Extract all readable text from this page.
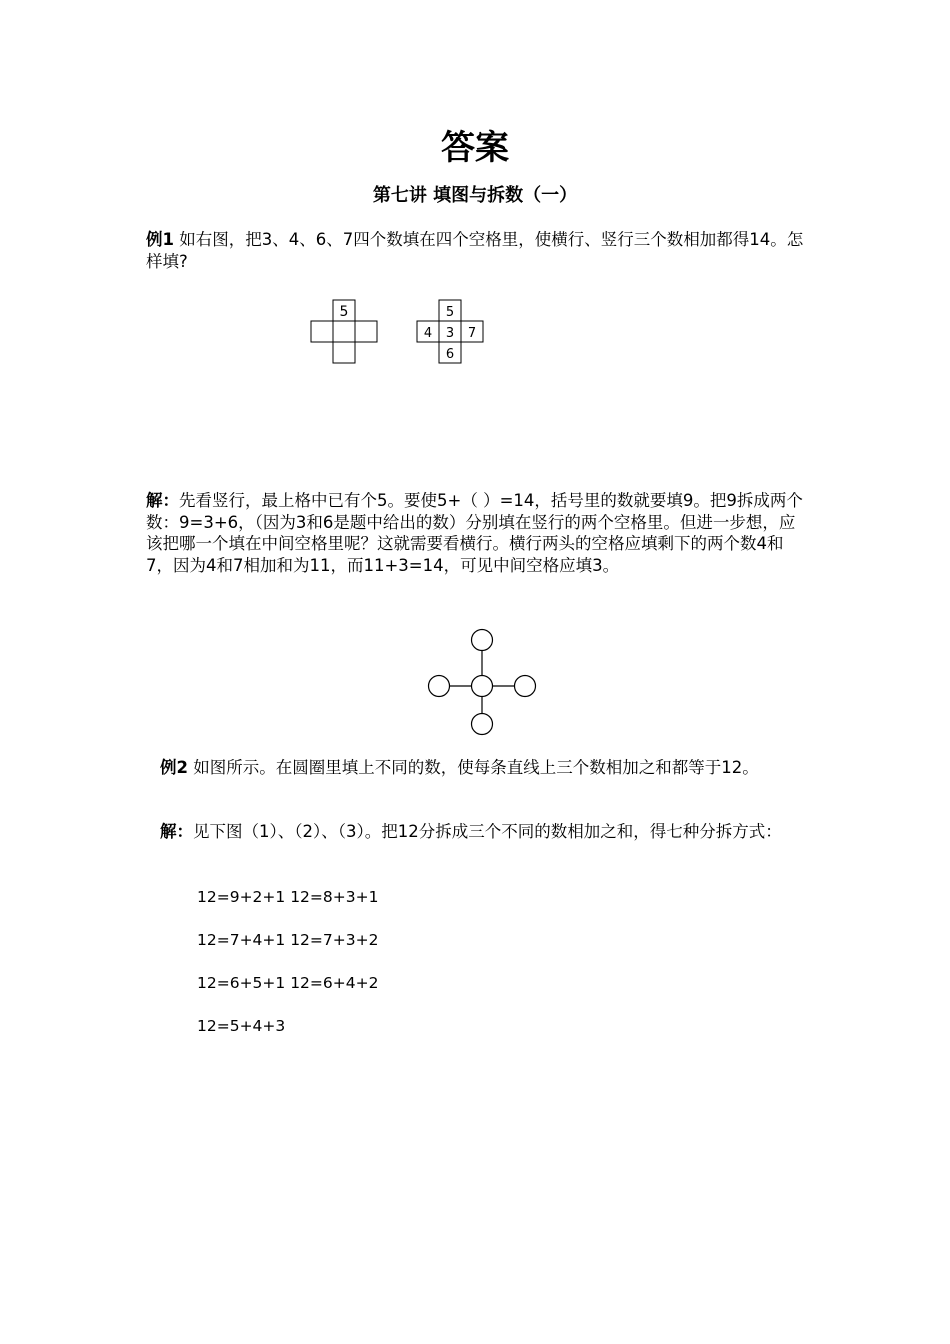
答案
第七讲 填图与拆数（一）

例1 如右图，把3、4、6、7四个数填在四个空格里，使横行、竖行三个数相加都得14。怎样填?

5	5
4 3 7
6

解：先看竖行，最上格中已有个5。要使5+（ ）=14，括号里的数就要填9。把9拆成两个数：9=3+6，（因为3和6是题中给出的数）分别填在竖行的两个空格里。但进一步想，应该把哪一个填在中间空格里呢？这就需要看横行。横行两头的空格应填剩下的两个数4和7，因为4和7相加和为11，而11+3=14，可见中间空格应填3。

例2 如图所示。在圆圈里填上不同的数，使每条直线上三个数相加之和都等于12。

解：见下图（1）、（2）、（3）。把12分拆成三个不同的数相加之和，得七种分拆方式：

12=9+2+1 12=8+3+1
12=7+4+1 12=7+3+2
12=6+5+1 12=6+4+2
12=5+4+3
